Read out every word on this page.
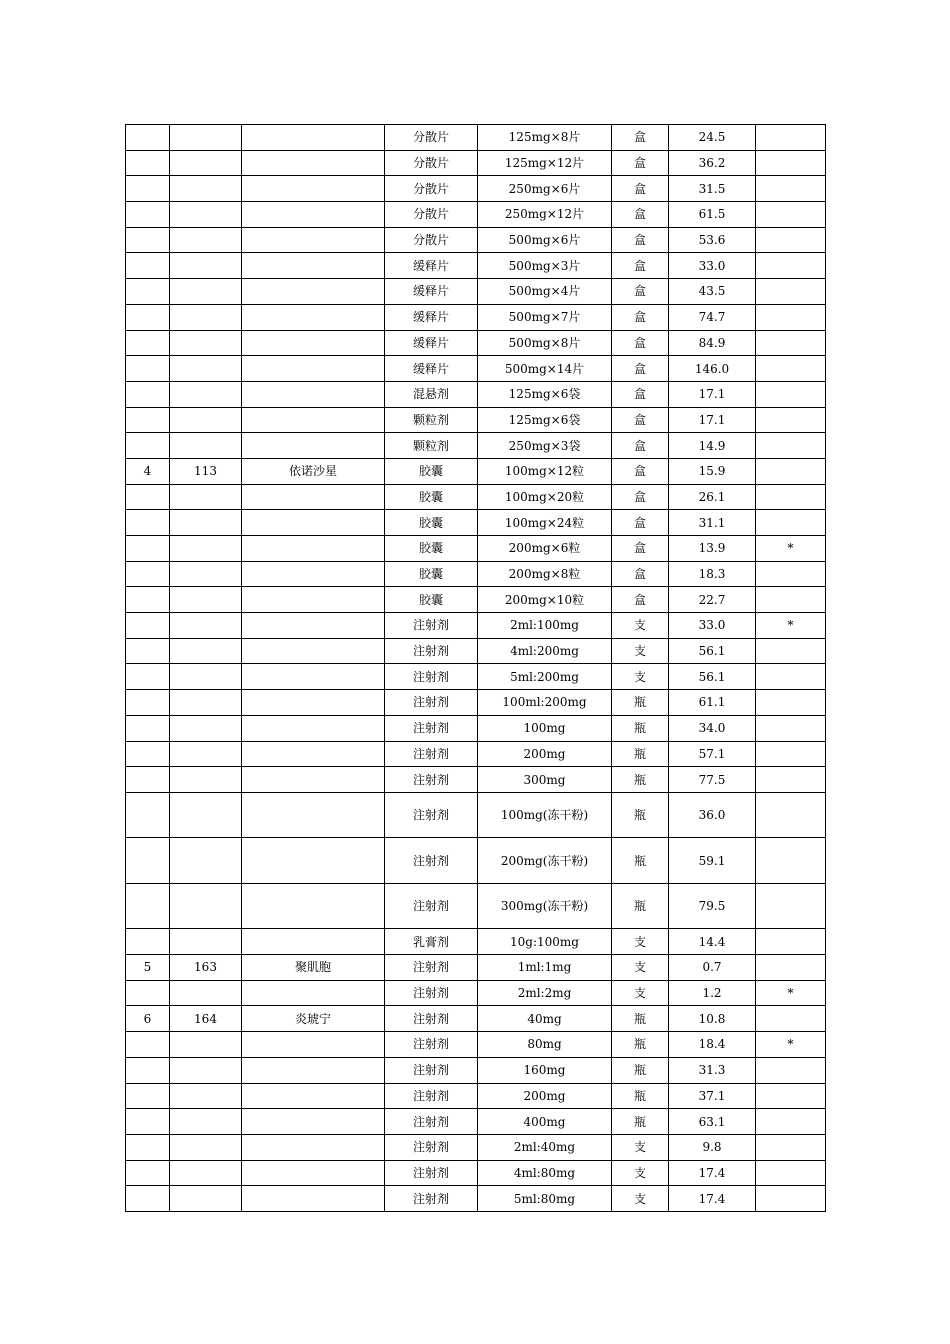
			分散片	125mg×8片	盒	24.5	
			分散片	125mg×12片	盒	36.2	
			分散片	250mg×6片	盒	31.5	
			分散片	250mg×12片	盒	61.5	
			分散片	500mg×6片	盒	53.6	
			缓释片	500mg×3片	盒	33.0	
			缓释片	500mg×4片	盒	43.5	
			缓释片	500mg×7片	盒	74.7	
			缓释片	500mg×8片	盒	84.9	
			缓释片	500mg×14片	盒	146.0	
			混悬剂	125mg×6袋	盒	17.1	
			颗粒剂	125mg×6袋	盒	17.1	
			颗粒剂	250mg×3袋	盒	14.9	
4	113	依诺沙星	胶囊	100mg×12粒	盒	15.9	
			胶囊	100mg×20粒	盒	26.1	
			胶囊	100mg×24粒	盒	31.1	
			胶囊	200mg×6粒	盒	13.9	*
			胶囊	200mg×8粒	盒	18.3	
			胶囊	200mg×10粒	盒	22.7	
			注射剂	2ml:100mg	支	33.0	*
			注射剂	4ml:200mg	支	56.1	
			注射剂	5ml:200mg	支	56.1	
			注射剂	100ml:200mg	瓶	61.1	
			注射剂	100mg	瓶	34.0	
			注射剂	200mg	瓶	57.1	
			注射剂	300mg	瓶	77.5	
			注射剂	100mg(冻干粉)	瓶	36.0	
			注射剂	200mg(冻干粉)	瓶	59.1	
			注射剂	300mg(冻干粉)	瓶	79.5	
			乳膏剂	10g:100mg	支	14.4	
5	163	聚肌胞	注射剂	1ml:1mg	支	0.7	
			注射剂	2ml:2mg	支	1.2	*
6	164	炎琥宁	注射剂	40mg	瓶	10.8	
			注射剂	80mg	瓶	18.4	*
			注射剂	160mg	瓶	31.3	
			注射剂	200mg	瓶	37.1	
			注射剂	400mg	瓶	63.1	
			注射剂	2ml:40mg	支	9.8	
			注射剂	4ml:80mg	支	17.4	
			注射剂	5ml:80mg	支	17.4	
